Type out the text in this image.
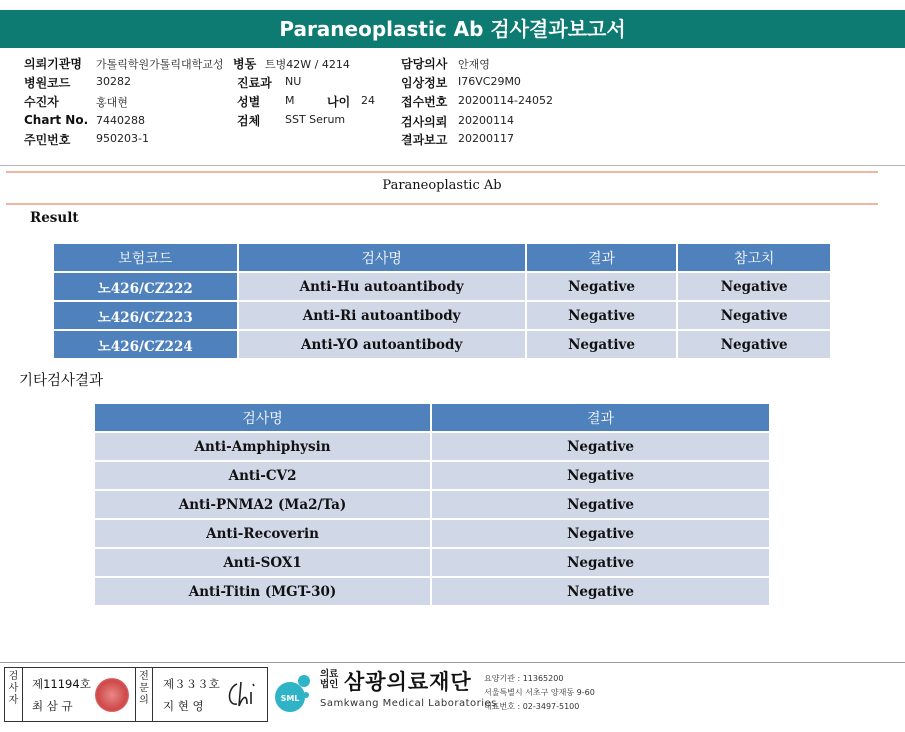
Paraneoplastic Ab 검사결과보고서
의뢰기관명 가톨릭학원가톨릭대학교성 병동 트병42W / 4214	담당의사 안재영
병원코드 30282	진료과 NU	임상정보 I76VC29M0
수진자	홍대현	성별 M	나이 24 접수번호 20200114-24052
Chart No. 7440288	검체 SST Serum	검사의뢰 20200114
주민번호 950203-1	결과보고 20200117
Paraneoplastic Ab
Result
보험코드	검사명	결과	참고치
노426/CZ222	Anti-Hu autoantibody	Negative	Negative
노426/CZ223	Anti-Ri autoantibody	Negative	Negative
노426/CZ224	Anti-YO autoantibody	Negative	Negative
기타검사결과
검사명	결과
Anti-Amphiphysin	Negative
Anti-CV2	Negative
Anti-PNMA2 (Ma2/Ta)	Negative
Anti-Recoverin	Negative
Anti-SOX1	Negative
Anti-Titin (MGT-30)	Negative
검사자
제11194호
최 삼 규
전문의
제３３３호
지 현 영
SML
의료법인 삼광의료재단
Samkwang Medical Laboratories
요양기관 : 11365200
서울특별시 서초구 양재동 9-60
대표번호 : 02-3497-5100
